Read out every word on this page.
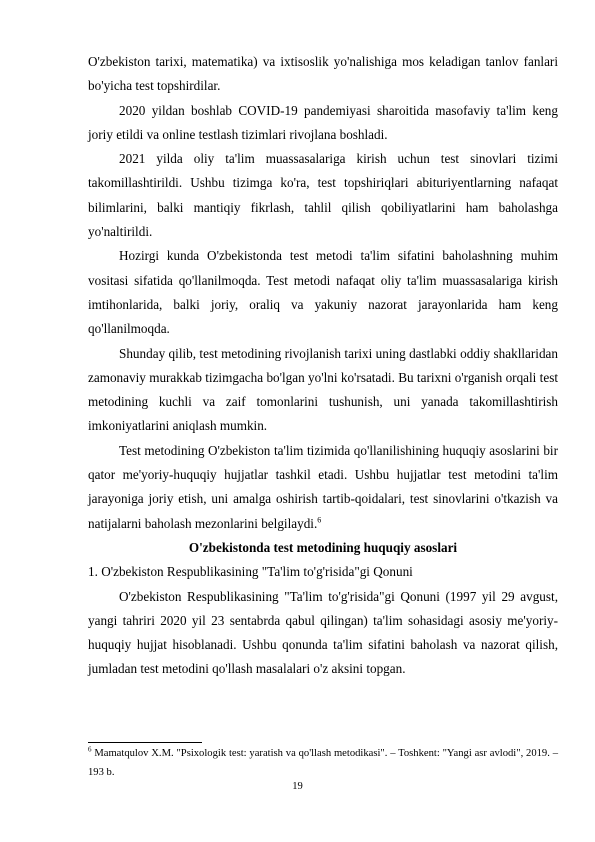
O'zbekiston tarixi, matematika) va ixtisoslik yo'nalishiga mos keladigan tanlov fanlari bo'yicha test topshirdilar.

2020 yildan boshlab COVID-19 pandemiyasi sharoitida masofaviy ta'lim keng joriy etildi va online testlash tizimlari rivojlana boshladi.

2021 yilda oliy ta'lim muassasalariga kirish uchun test sinovlari tizimi takomillashtirildi. Ushbu tizimga ko'ra, test topshiriqlari abituriyentlarning nafaqat bilimlarini, balki mantiqiy fikrlash, tahlil qilish qobiliyatlarini ham baholashga yo'naltirildi.

Hozirgi kunda O'zbekistonda test metodi ta'lim sifatini baholashning muhim vositasi sifatida qo'llanilmoqda. Test metodi nafaqat oliy ta'lim muassasalariga kirish imtihonlarida, balki joriy, oraliq va yakuniy nazorat jarayonlarida ham keng qo'llanilmoqda.

Shunday qilib, test metodining rivojlanish tarixi uning dastlabki oddiy shakllaridan zamonaviy murakkab tizimgacha bo'lgan yo'lni ko'rsatadi. Bu tarixni o'rganish orqali test metodining kuchli va zaif tomonlarini tushunish, uni yanada takomillashtirish imkoniyatlarini aniqlash mumkin.

Test metodining O'zbekiston ta'lim tizimida qo'llanilishining huquqiy asoslarini bir qator me'yoriy-huquqiy hujjatlar tashkil etadi. Ushbu hujjatlar test metodini ta'lim jarayoniga joriy etish, uni amalga oshirish tartib-qoidalari, test sinovlarini o'tkazish va natijalarni baholash mezonlarini belgilaydi.$^6$

O'zbekistonda test metodining huquqiy asoslari

1. O'zbekiston Respublikasining "Ta'lim to'g'risida"gi Qonuni

O'zbekiston Respublikasining "Ta'lim to'g'risida"gi Qonuni (1997 yil 29 avgust, yangi tahriri 2020 yil 23 sentabrda qabul qilingan) ta'lim sohasidagi asosiy me'yoriy-huquqiy hujjat hisoblanadi. Ushbu qonunda ta'lim sifatini baholash va nazorat qilish, jumladan test metodini qo'llash masalalari o'z aksini topgan.

$^6$ Mamatqulov X.M. "Psixologik test: yaratish va qo'llash metodikasi". – Toshkent: "Yangi asr avlodi", 2019. – 193 b.
19
